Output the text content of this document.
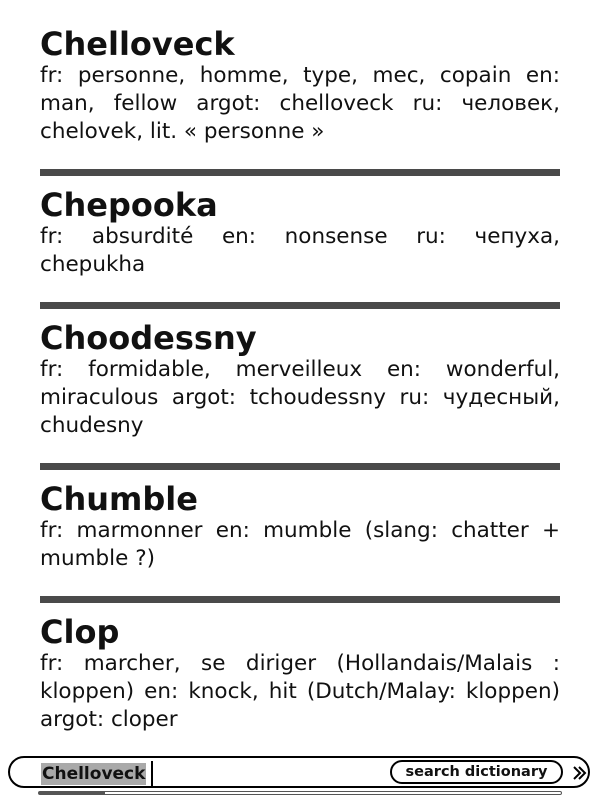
Chelloveck

fr: personne, homme, type, mec, copain en: man, fellow argot: chelloveck ru: человек, chelovek, lit. « personne »

Chepooka

fr: absurdité en: nonsense ru: чепуха, chepukha

Choodessny

fr: formidable, merveilleux en: wonderful, miraculous argot: tchoudessny ru: чудесный, chudesny

Chumble

fr: marmonner en: mumble (slang: chatter + mumble ?)

Clop

fr: marcher, se diriger (Hollandais/Malais : kloppen) en: knock, hit (Dutch/Malay: kloppen) argot: cloper

Chelloveck	search dictionary
